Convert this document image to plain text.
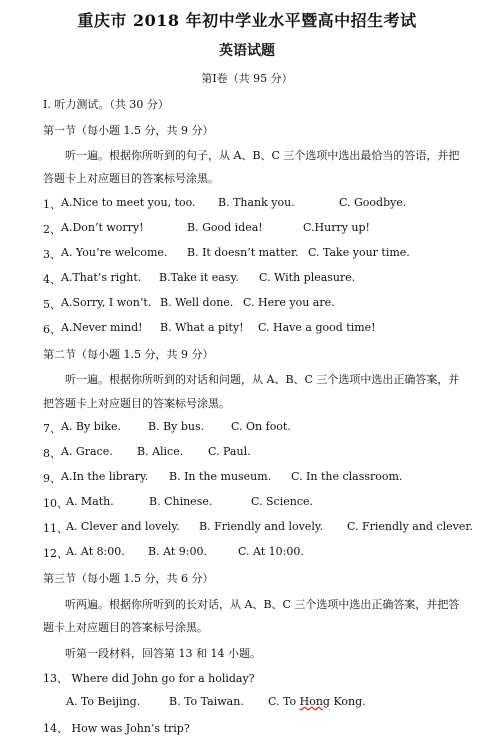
重庆市 2018 年初中学业水平暨高中招生考试
英语试题
第Ⅰ卷（共 95 分）
I. 听力测试。（共 30 分）
第一节（每小题 1.5 分，共 9 分）
听一遍。根据你所听到的句子，从 A、B、C 三个选项中选出最恰当的答语，并把
答题卡上对应题目的答案标号涂黑。
1、 A.Nice to meet you, too. B. Thank you.	C. Goodbye.
2、 A.Don’t worry!	B. Good idea!	C.Hurry up!
3、 A. You’re welcome. B. It doesn’t matter. C. Take your time.
4、 A.That’s right. B.Take it easy. C. With pleasure.
5、 A.Sorry, I won’t. B. Well done. C. Here you are.
6、 A.Never mind! B. What a pity! C. Have a good time!
第二节（每小题 1.5 分，共 9 分）
听一遍。根据你所听到的对话和问题，从 A、B、C 三个选项中选出正确答案，并
把答题卡上对应题目的答案标号涂黑。
7、 A. By bike. B. By bus. C. On foot.
8、 A. Grace. B. Alice. C. Paul.
9、 A.In the library. B. In the museum. C. In the classroom.
10、
A. Math.	B. Chinese.	C. Science.
11、
A. Clever and lovely. B. Friendly and lovely. C. Friendly and clever.
12、
A. At 8:00. B. At 9:00.	C. At 10:00.
第三节（每小题 1.5 分，共 6 分）
听两遍。根据你所听到的长对话，从 A、B、C 三个选项中选出正确答案，并把答
题卡上对应题目的答案标号涂黑。
听第一段材料，回答第 13 和 14 小题。
13、 Where did John go for a holiday?
A. To Beijing.	B. To Taiwan. C. To Hong Kong.
14、 How was John’s trip?
